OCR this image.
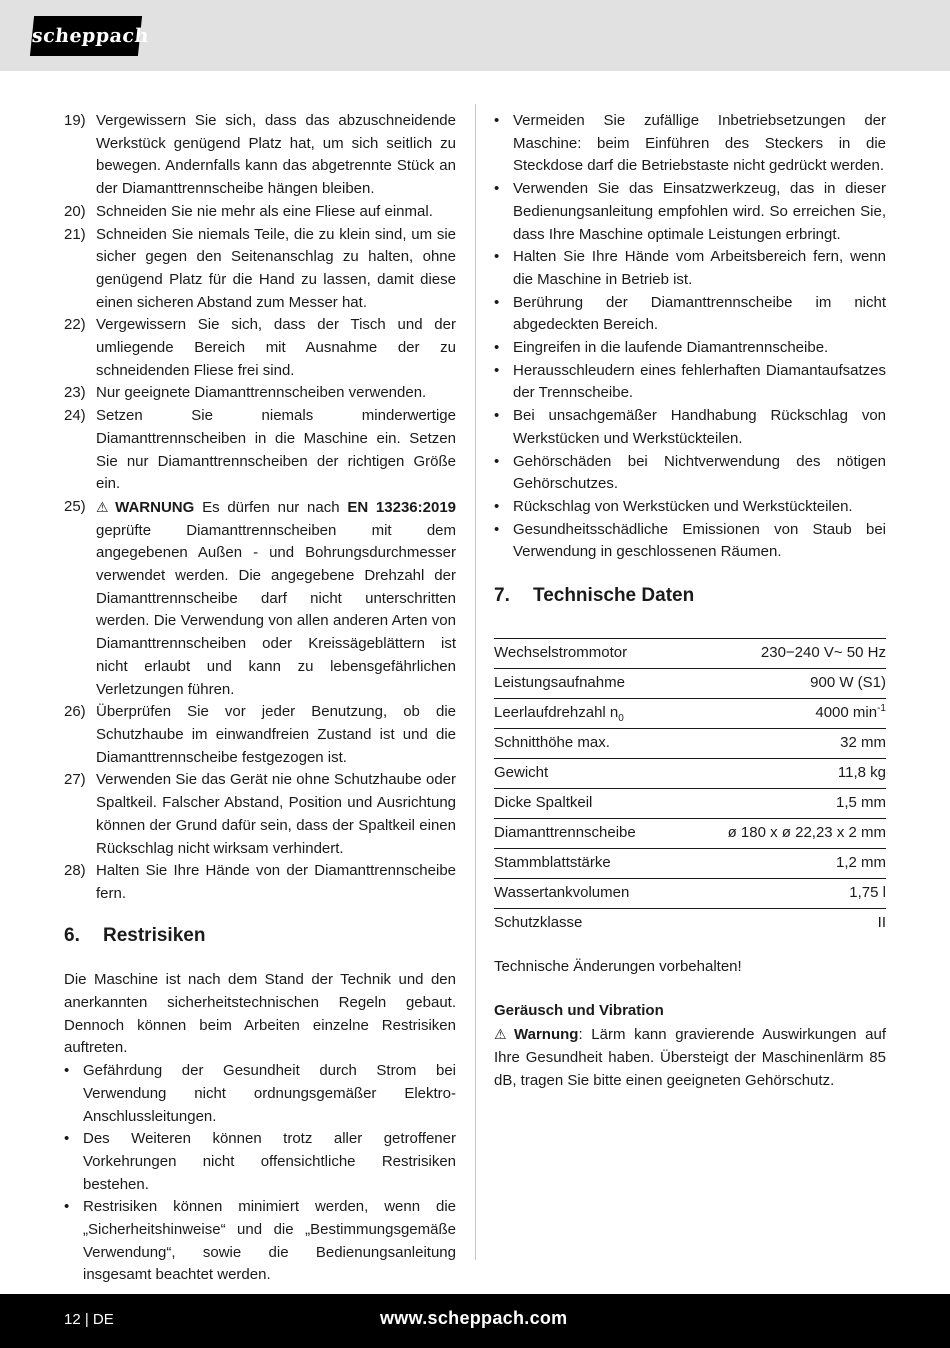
scheppach
19) Vergewissern Sie sich, dass das abzuschneidende Werkstück genügend Platz hat, um sich seitlich zu bewegen. Andernfalls kann das abgetrennte Stück an der Diamanttrennscheibe hängen bleiben.
20) Schneiden Sie nie mehr als eine Fliese auf einmal.
21) Schneiden Sie niemals Teile, die zu klein sind, um sie sicher gegen den Seitenanschlag zu halten, ohne genügend Platz für die Hand zu lassen, damit diese einen sicheren Abstand zum Messer hat.
22) Vergewissern Sie sich, dass der Tisch und der umliegende Bereich mit Ausnahme der zu schneidenden Fliese frei sind.
23) Nur geeignete Diamanttrennscheiben verwenden.
24) Setzen Sie niemals minderwertige Diamanttrennscheiben in die Maschine ein. Setzen Sie nur Diamanttrennscheiben der richtigen Größe ein.
25) ⚠ WARNUNG Es dürfen nur nach EN 13236:2019 geprüfte Diamanttrennscheiben mit dem angegebenen Außen - und Bohrungsdurchmesser verwendet werden. Die angegebene Drehzahl der Diamanttrennscheibe darf nicht unterschritten werden. Die Verwendung von allen anderen Arten von Diamanttrennscheiben oder Kreissägeblättern ist nicht erlaubt und kann zu lebensgefährlichen Verletzungen führen.
26) Überprüfen Sie vor jeder Benutzung, ob die Schutzhaube im einwandfreien Zustand ist und die Diamanttrennscheibe festgezogen ist.
27) Verwenden Sie das Gerät nie ohne Schutzhaube oder Spaltkeil. Falscher Abstand, Position und Ausrichtung können der Grund dafür sein, dass der Spaltkeil einen Rückschlag nicht wirksam verhindert.
28) Halten Sie Ihre Hände von der Diamanttrennscheibe fern.
6.	Restrisiken
Die Maschine ist nach dem Stand der Technik und den anerkannten sicherheitstechnischen Regeln gebaut. Dennoch können beim Arbeiten einzelne Restrisiken auftreten.
• Gefährdung der Gesundheit durch Strom bei Verwendung nicht ordnungsgemäßer Elektro-Anschlussleitungen.
• Des Weiteren können trotz aller getroffener Vorkehrungen nicht offensichtliche Restrisiken bestehen.
• Restrisiken können minimiert werden, wenn die „Sicherheitshinweise“ und die „Bestimmungsgemäße Verwendung“, sowie die Bedienungsanleitung insgesamt beachtet werden.
• Vermeiden Sie zufällige Inbetriebsetzungen der Maschine: beim Einführen des Steckers in die Steckdose darf die Betriebstaste nicht gedrückt werden.
• Verwenden Sie das Einsatzwerkzeug, das in dieser Bedienungsanleitung empfohlen wird. So erreichen Sie, dass Ihre Maschine optimale Leistungen erbringt.
• Halten Sie Ihre Hände vom Arbeitsbereich fern, wenn die Maschine in Betrieb ist.
• Berührung der Diamanttrennscheibe im nicht abgedeckten Bereich.
• Eingreifen in die laufende Diamantrennscheibe.
• Herausschleudern eines fehlerhaften Diamantaufsatzes der Trennscheibe.
• Bei unsachgemäßer Handhabung Rückschlag von Werkstücken und Werkstückteilen.
• Gehörschäden bei Nichtverwendung des nötigen Gehörschutzes.
• Rückschlag von Werkstücken und Werkstückteilen.
• Gesundheitsschädliche Emissionen von Staub bei Verwendung in geschlossenen Räumen.
7.	Technische Daten
Wechselstrommotor	230−240 V~ 50 Hz
Leistungsaufnahme	900 W (S1)
Leerlaufdrehzahl $n_0$	4000 $\min^{-1}$
Schnitthöhe max.	32 mm
Gewicht	11,8 kg
Dicke Spaltkeil	1,5 mm
Diamanttrennscheibe	ø 180 x ø 22,23 x 2 mm
Stammblattstärke	1,2 mm
Wassertankvolumen	1,75 l
Schutzklasse	II
Technische Änderungen vorbehalten!
Geräusch und Vibration
⚠ Warnung: Lärm kann gravierende Auswirkungen auf Ihre Gesundheit haben. Übersteigt der Maschinenlärm 85 dB, tragen Sie bitte einen geeigneten Gehörschutz.
12 | DE	www.scheppach.com
